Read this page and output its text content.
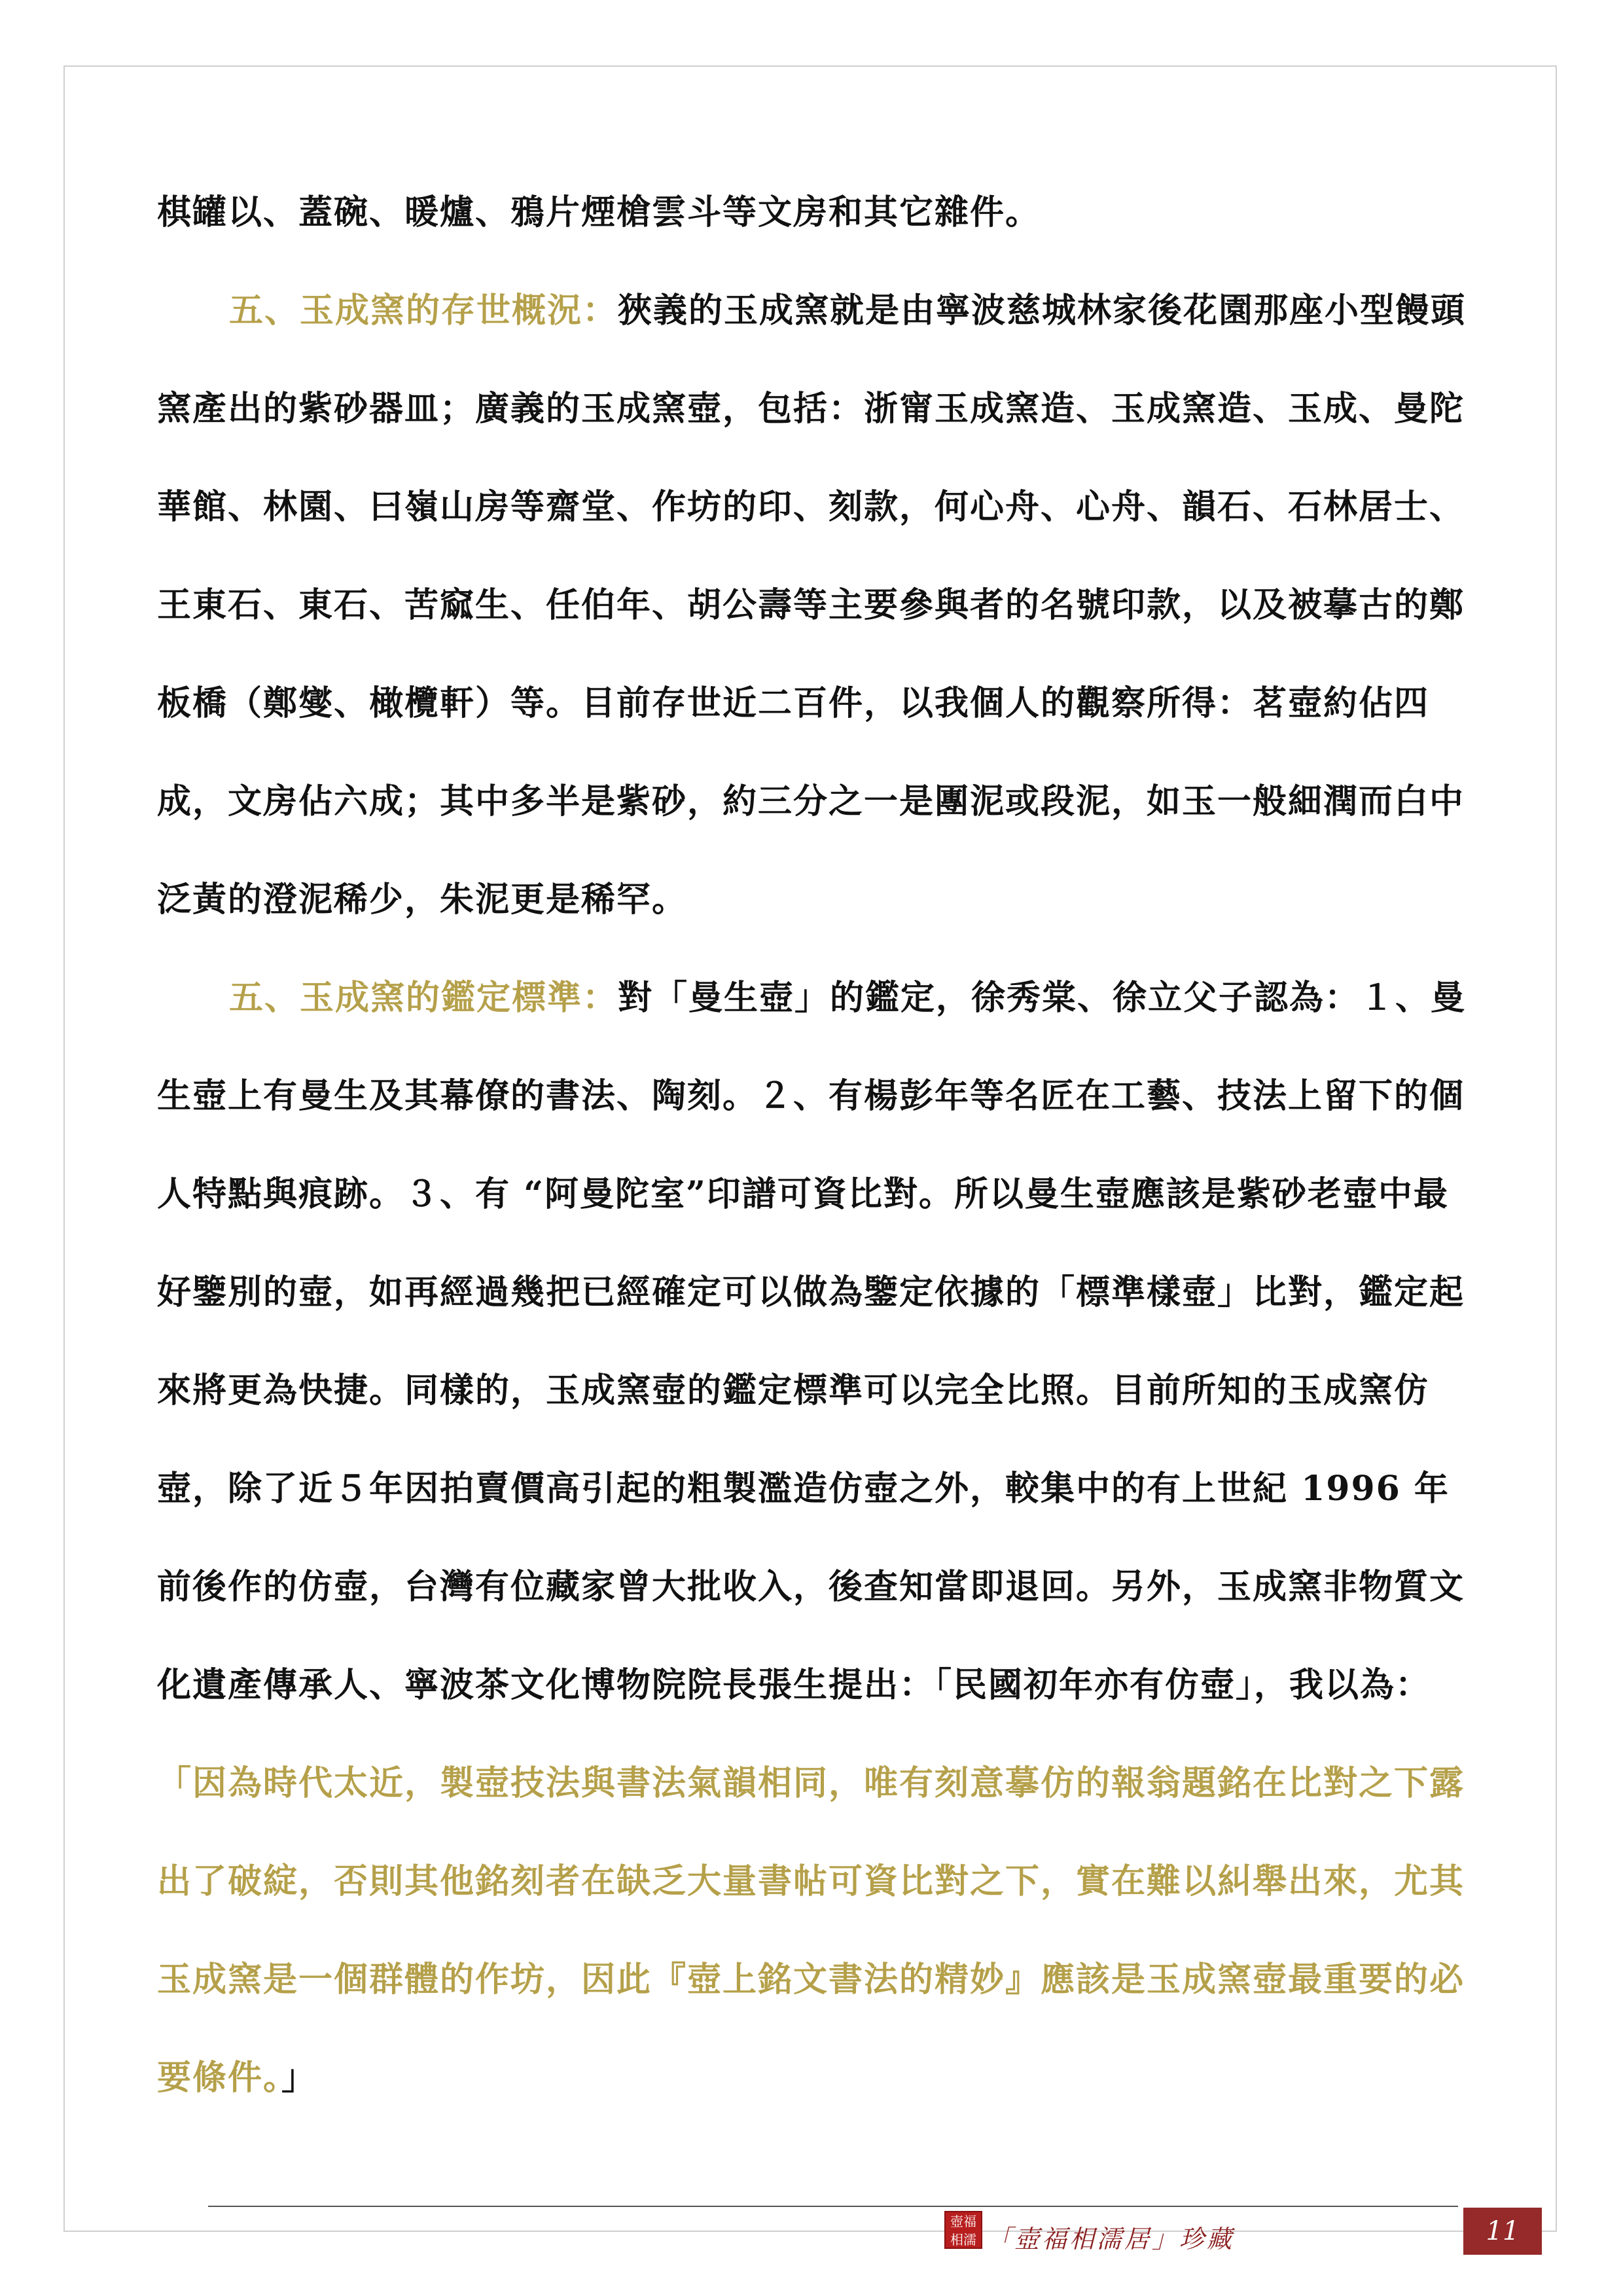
棋罐以、蓋碗、暖爐、鴉片煙槍雲斗等文房和其它雜件。

五、玉成窯的存世概況：狹義的玉成窯就是由寧波慈城林家後花園那座小型饅頭窯產出的紫砂器皿；廣義的玉成窯壺，包括：浙甯玉成窯造、玉成窯造、玉成、曼陀華館、林園、曰嶺山房等齋堂、作坊的印、刻款，何心舟、心舟、韻石、石林居士、王東石、東石、苦窳生、任伯年、胡公壽等主要參與者的名號印款，以及被摹古的鄭板橋（鄭燮、橄欖軒）等。目前存世近二百件，以我個人的觀察所得：茗壺約佔四成，文房佔六成；其中多半是紫砂，約三分之一是團泥或段泥，如玉一般細潤而白中泛黃的澄泥稀少，朱泥更是稀罕。

五、玉成窯的鑑定標準：對「曼生壺」的鑑定，徐秀棠、徐立父子認為：１、曼生壺上有曼生及其幕僚的書法、陶刻。２、有楊彭年等名匠在工藝、技法上留下的個人特點與痕跡。３、有 “阿曼陀室”印譜可資比對。所以曼生壺應該是紫砂老壺中最好鑒別的壺，如再經過幾把已經確定可以做為鑒定依據的「標準樣壺」比對，鑑定起來將更為快捷。同樣的，玉成窯壺的鑑定標準可以完全比照。目前所知的玉成窯仿壺，除了近５年因拍賣價高引起的粗製濫造仿壺之外，較集中的有上世紀 1996 年前後作的仿壺，台灣有位藏家曾大批收入，後查知當即退回。另外，玉成窯非物質文化遺產傳承人、寧波茶文化博物院院長張生提出：「民國初年亦有仿壺」，我以為：「因為時代太近，製壺技法與書法氣韻相同，唯有刻意摹仿的報翁題銘在比對之下露出了破綻，否則其他銘刻者在缺乏大量書帖可資比對之下，實在難以糾舉出來，尤其玉成窯是一個群體的作坊，因此『壺上銘文書法的精妙』應該是玉成窯壺最重要的必要條件。」

壺福相濡 「壺福相濡居」珍藏	11
